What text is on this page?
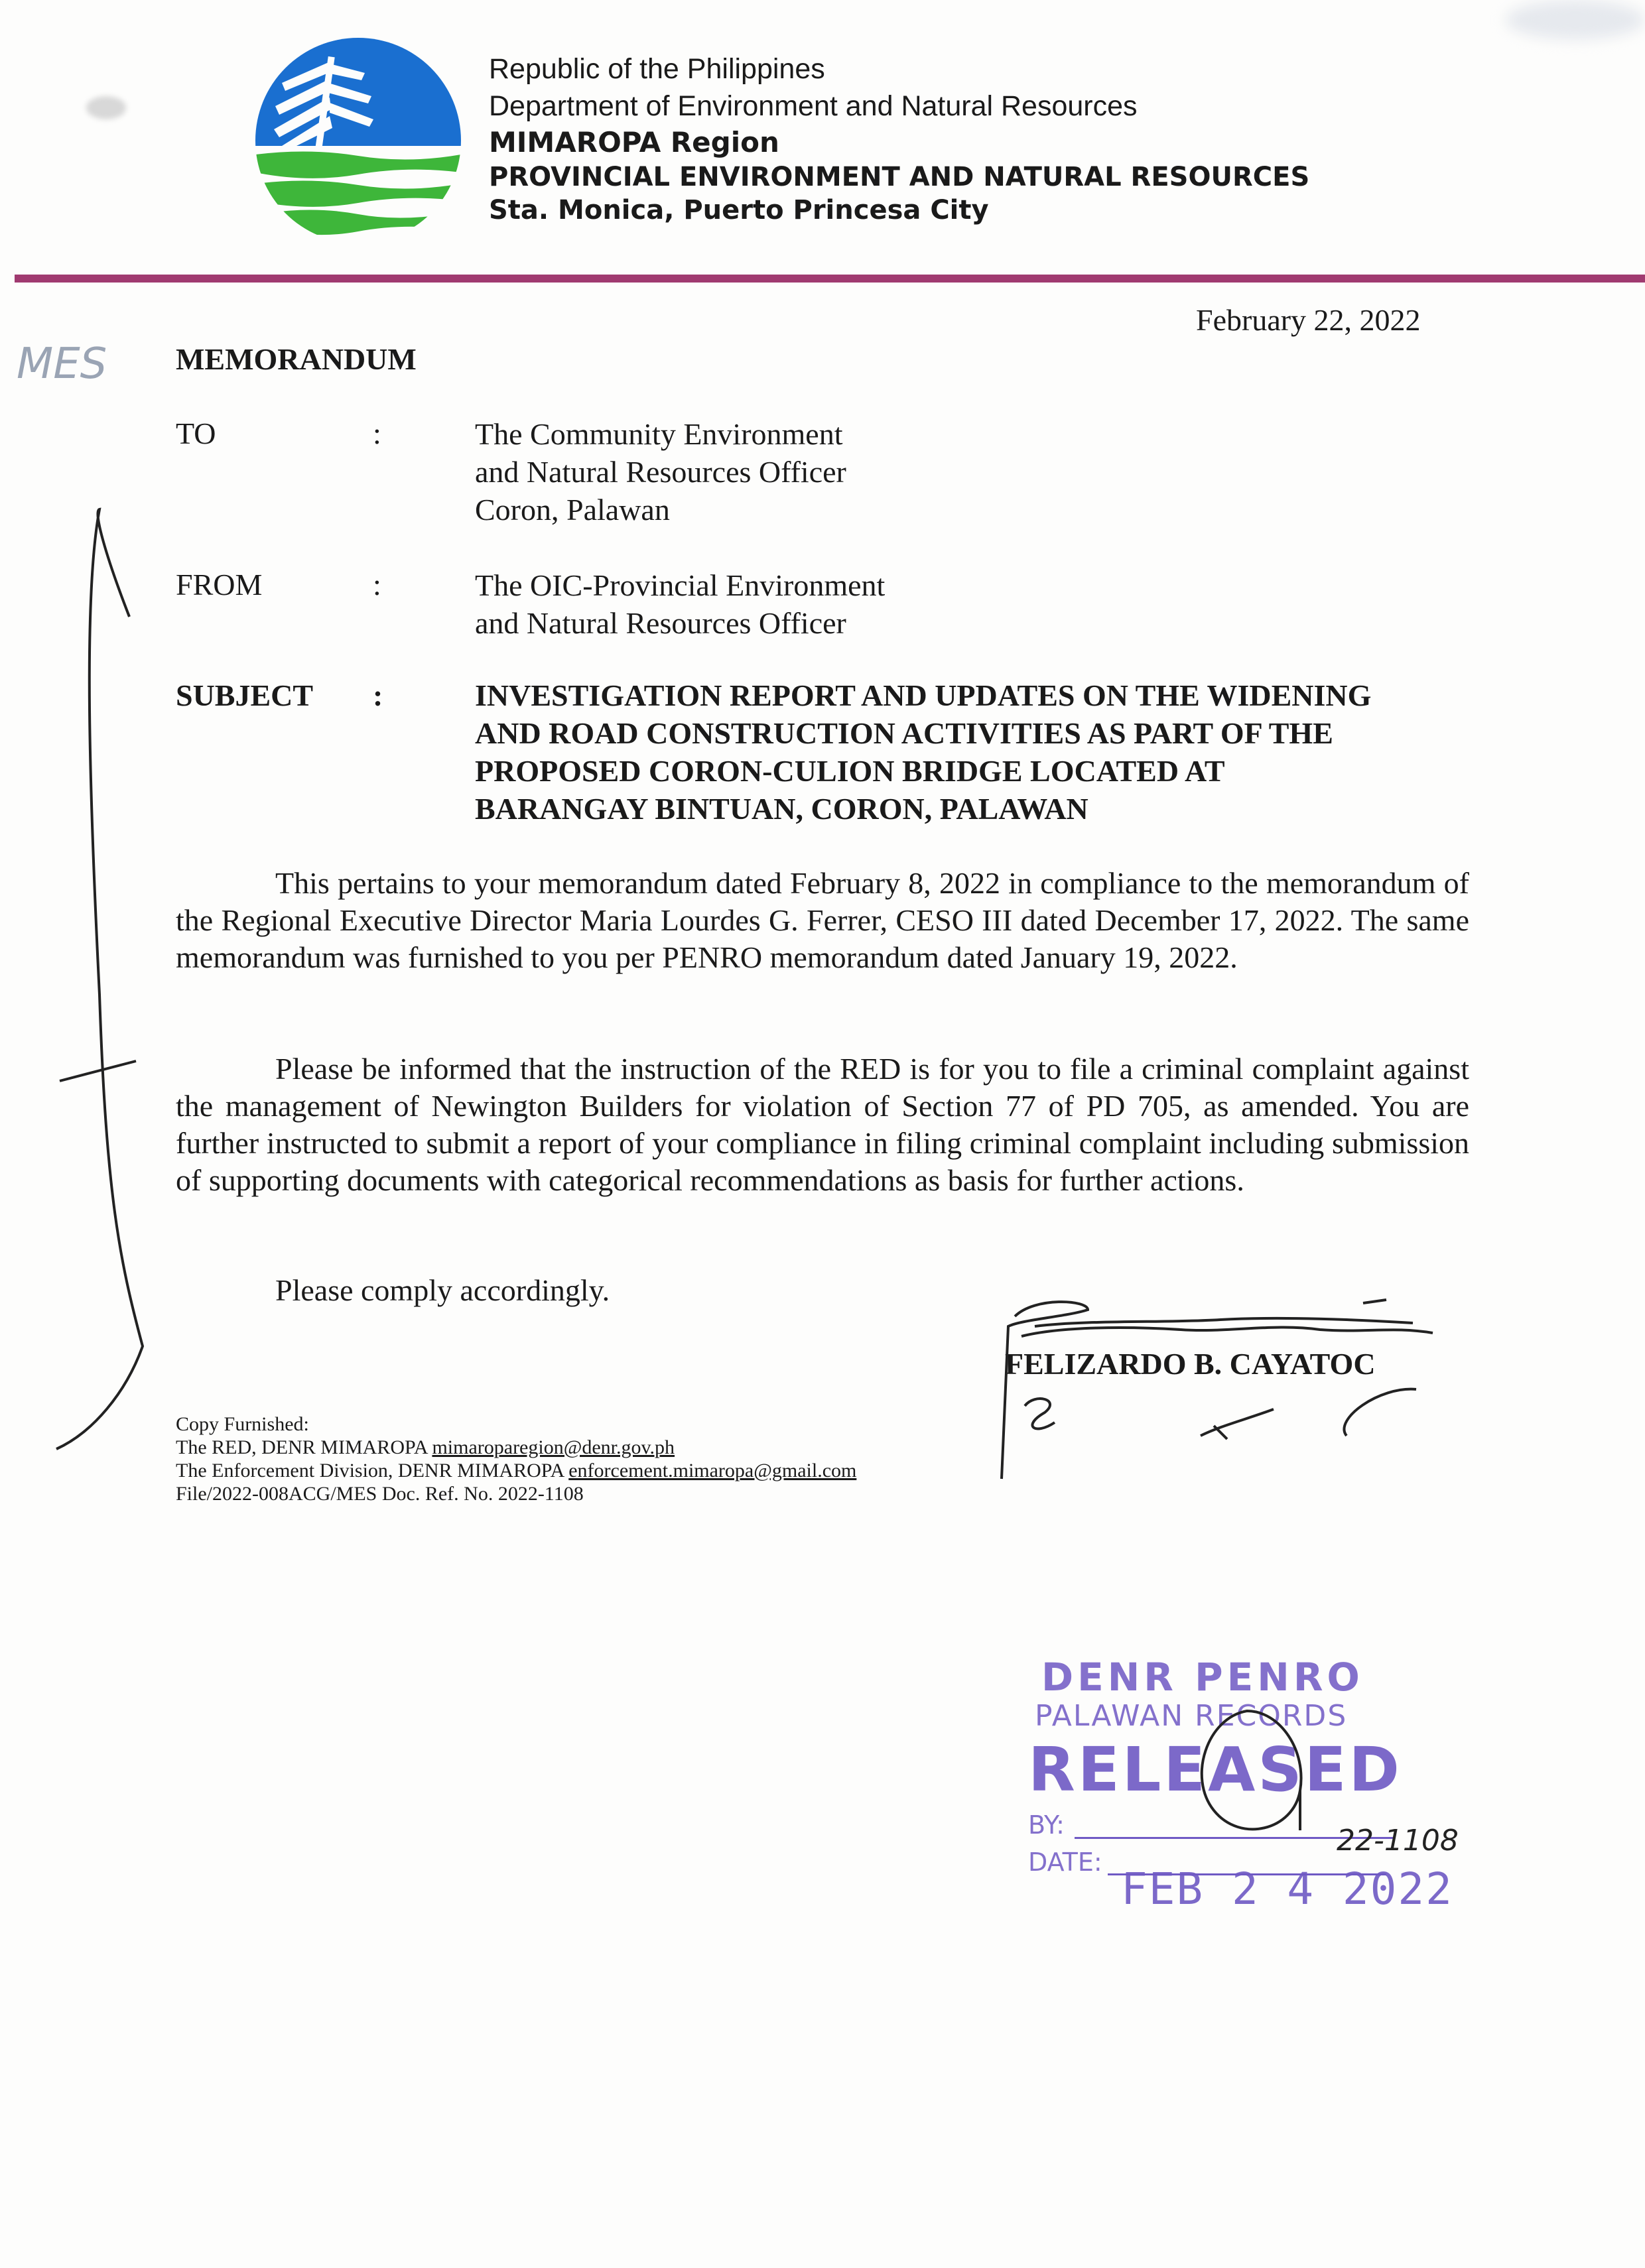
Republic of the Philippines
Department of Environment and Natural Resources
MIMAROPA Region
PROVINCIAL ENVIRONMENT AND NATURAL RESOURCES
Sta. Monica, Puerto Princesa City
February 22, 2022
MEMORANDUM
TO	:	The Community Environment
and Natural Resources Officer
Coron, Palawan
FROM	:	The OIC-Provincial Environment
and Natural Resources Officer
SUBJECT :	INVESTIGATION REPORT AND UPDATES ON THE WIDENING
AND ROAD CONSTRUCTION ACTIVITIES AS PART OF THE
PROPOSED CORON-CULION BRIDGE LOCATED AT
BARANGAY BINTUAN, CORON, PALAWAN
This pertains to your memorandum dated February 8, 2022 in compliance to the memorandum of the Regional Executive Director Maria Lourdes G. Ferrer, CESO III dated December 17, 2022. The same memorandum was furnished to you per PENRO memorandum dated January 19, 2022.
Please be informed that the instruction of the RED is for you to file a criminal complaint against the management of Newington Builders for violation of Section 77 of PD 705, as amended. You are further instructed to submit a report of your compliance in filing criminal complaint including submission of supporting documents with categorical recommendations as basis for further actions.
Please comply accordingly.
FELIZARDO B. CAYATOC
Copy Furnished:
The RED, DENR MIMAROPA mimaroparegion@denr.gov.ph
The Enforcement Division, DENR MIMAROPA enforcement.mimaropa@gmail.com
File/2022-008ACG/MES Doc. Ref. No. 2022-1108
DENR PENRO
PALAWAN RECORDS
RELEASED
BY:
DATE:
FEB 2 4 2022
MES
22-1108
